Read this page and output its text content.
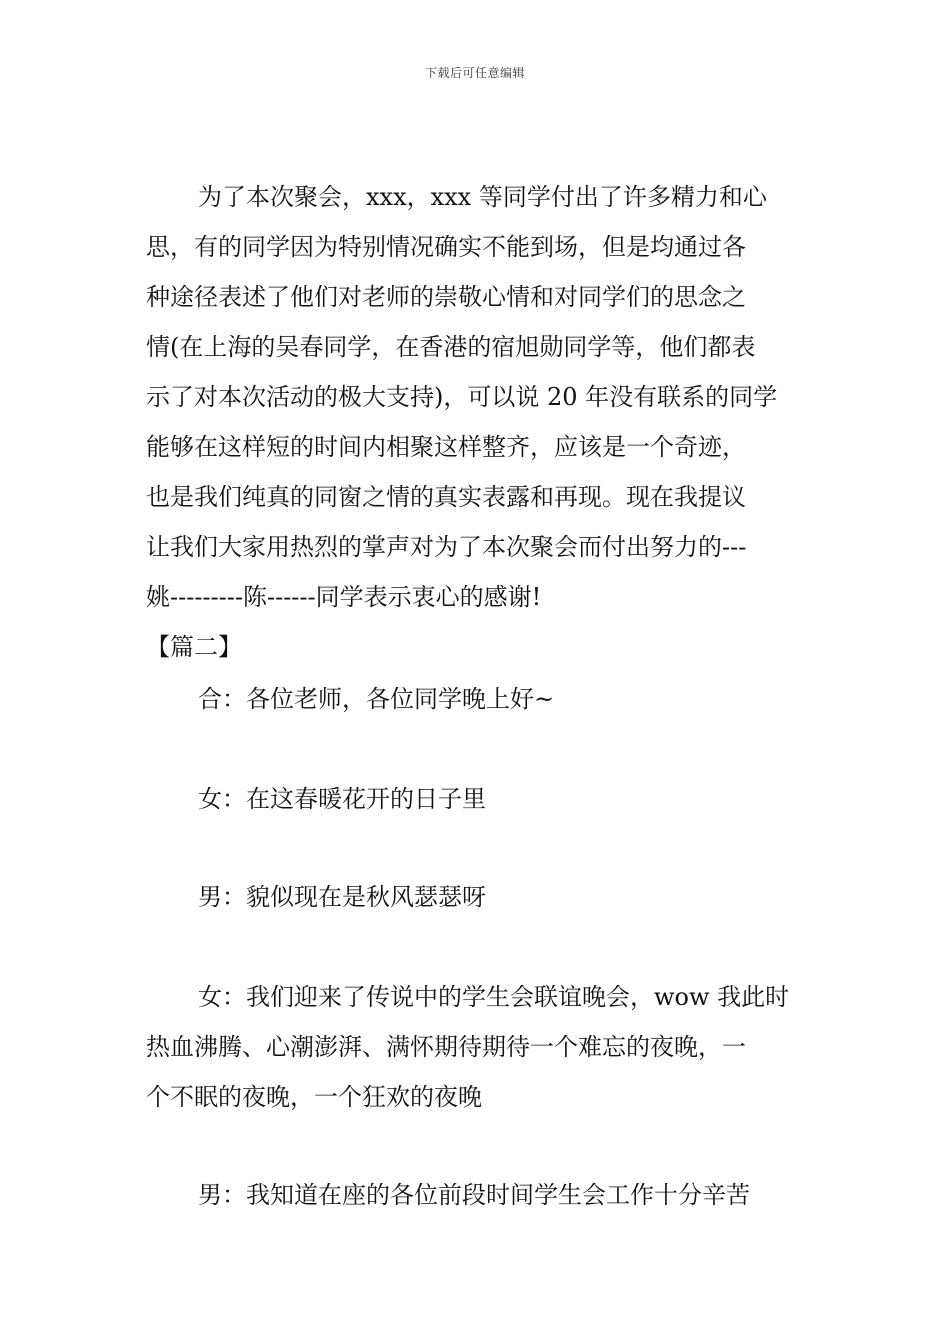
下载后可任意编辑

为了本次聚会，xxx，xxx 等同学付出了许多精力和心
思，有的同学因为特别情况确实不能到场，但是均通过各
种途径表述了他们对老师的崇敬心情和对同学们的思念之
情(在上海的吴春同学，在香港的宿旭勋同学等，他们都表
示了对本次活动的极大支持)，可以说 20 年没有联系的同学
能够在这样短的时间内相聚这样整齐，应该是一个奇迹，
也是我们纯真的同窗之情的真实表露和再现。现在我提议
让我们大家用热烈的掌声对为了本次聚会而付出努力的---
姚---------陈------同学表示衷心的感谢!

【篇二】

合：各位老师，各位同学晚上好~

女：在这春暖花开的日子里

男：貌似现在是秋风瑟瑟呀

女：我们迎来了传说中的学生会联谊晚会，wow 我此时
热血沸腾、心潮澎湃、满怀期待期待一个难忘的夜晚，一
个不眠的夜晚，一个狂欢的夜晚

男：我知道在座的各位前段时间学生会工作十分辛苦
